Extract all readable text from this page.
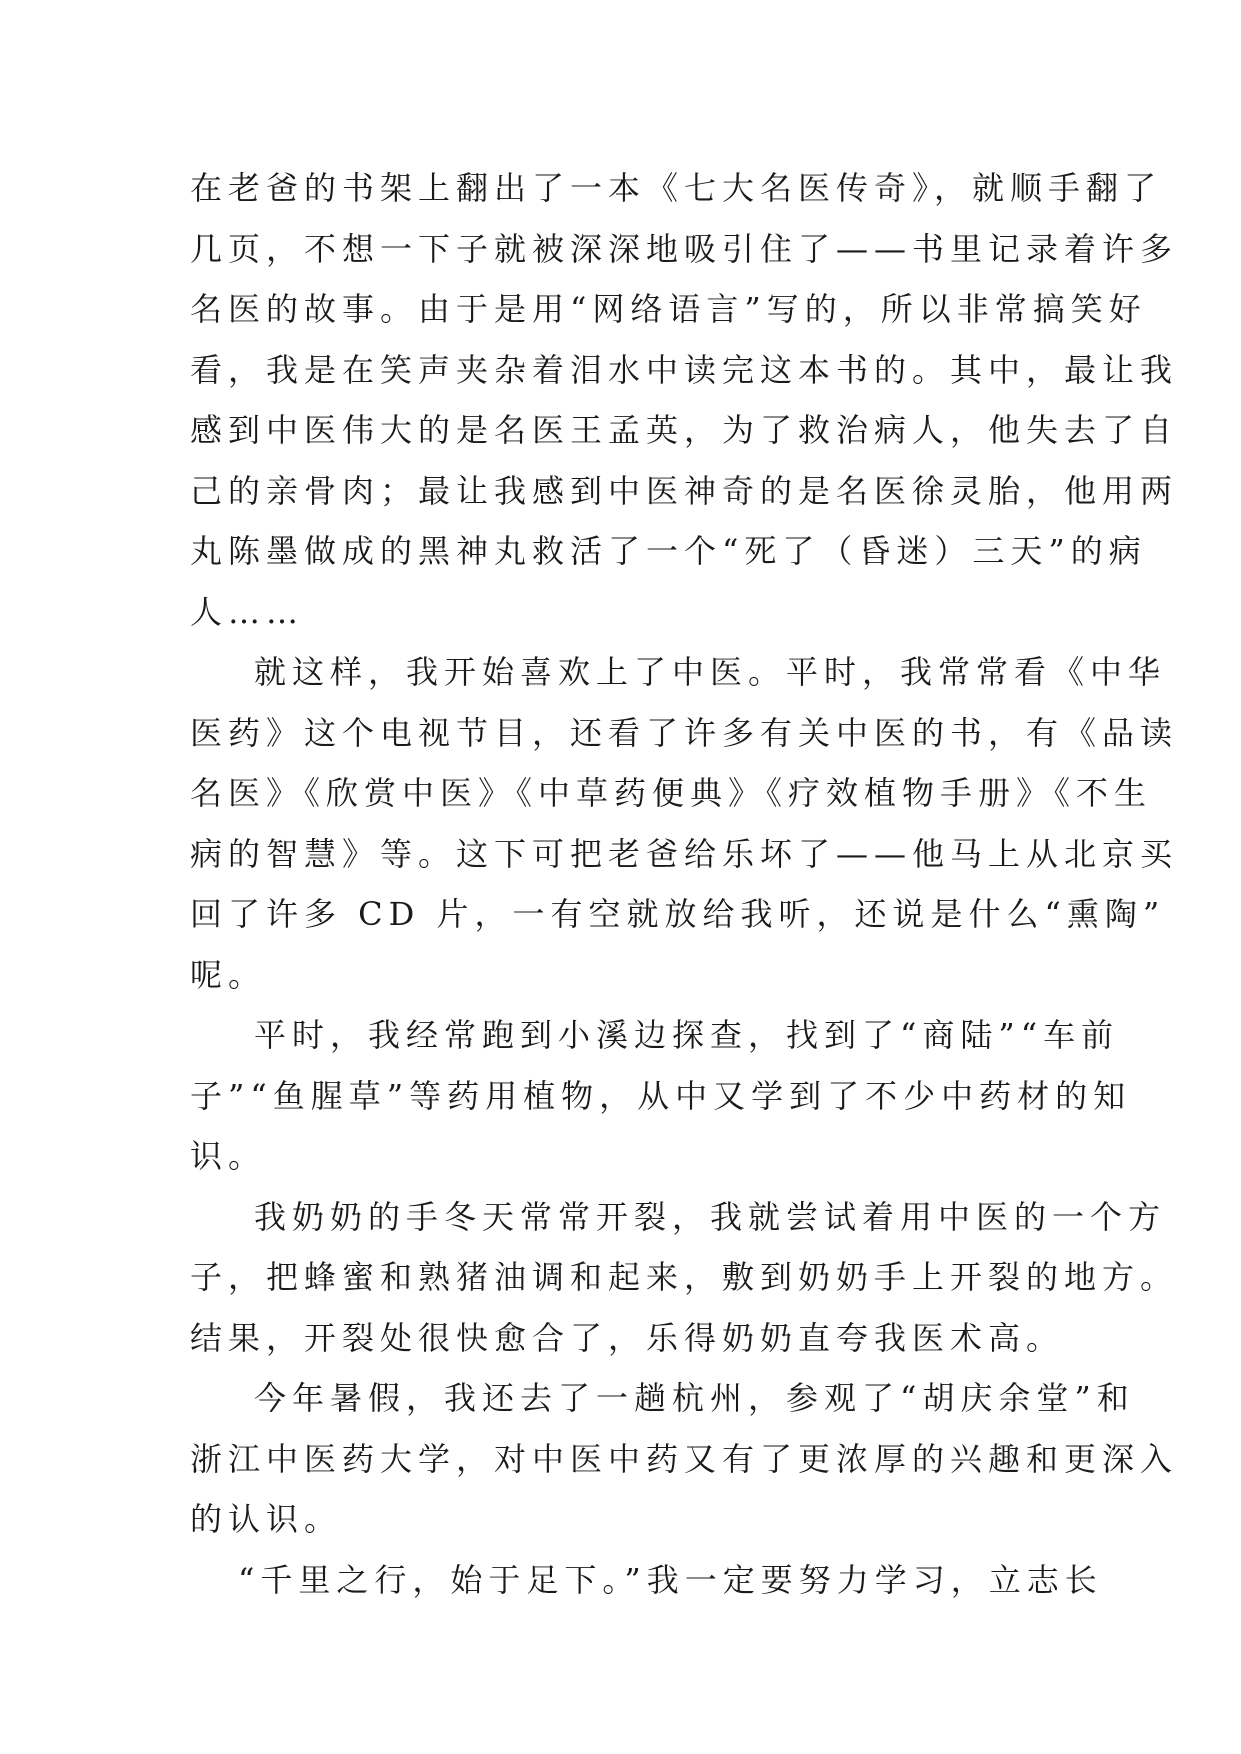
在老爸的书架上翻出了一本《七大名医传奇》，就顺手翻了
几页，不想一下子就被深深地吸引住了——书里记录着许多
名医的故事。由于是用“网络语言”写的，所以非常搞笑好
看，我是在笑声夹杂着泪水中读完这本书的。其中，最让我
感到中医伟大的是名医王孟英，为了救治病人，他失去了自
己的亲骨肉；最让我感到中医神奇的是名医徐灵胎，他用两
丸陈墨做成的黑神丸救活了一个“死了（昏迷）三天”的病
人……
就这样，我开始喜欢上了中医。平时，我常常看《中华
医药》这个电视节目，还看了许多有关中医的书，有《品读
名医》《欣赏中医》《中草药便典》《疗效植物手册》《不生
病的智慧》等。这下可把老爸给乐坏了——他马上从北京买
回了许多 CD 片，一有空就放给我听，还说是什么“熏陶”
呢。
平时，我经常跑到小溪边探查，找到了“商陆”“车前
子”“鱼腥草”等药用植物，从中又学到了不少中药材的知
识。
我奶奶的手冬天常常开裂，我就尝试着用中医的一个方
子，把蜂蜜和熟猪油调和起来，敷到奶奶手上开裂的地方。
结果，开裂处很快愈合了，乐得奶奶直夸我医术高。
今年暑假，我还去了一趟杭州，参观了“胡庆余堂”和
浙江中医药大学，对中医中药又有了更浓厚的兴趣和更深入
的认识。
“千里之行，始于足下。”我一定要努力学习，立志长
